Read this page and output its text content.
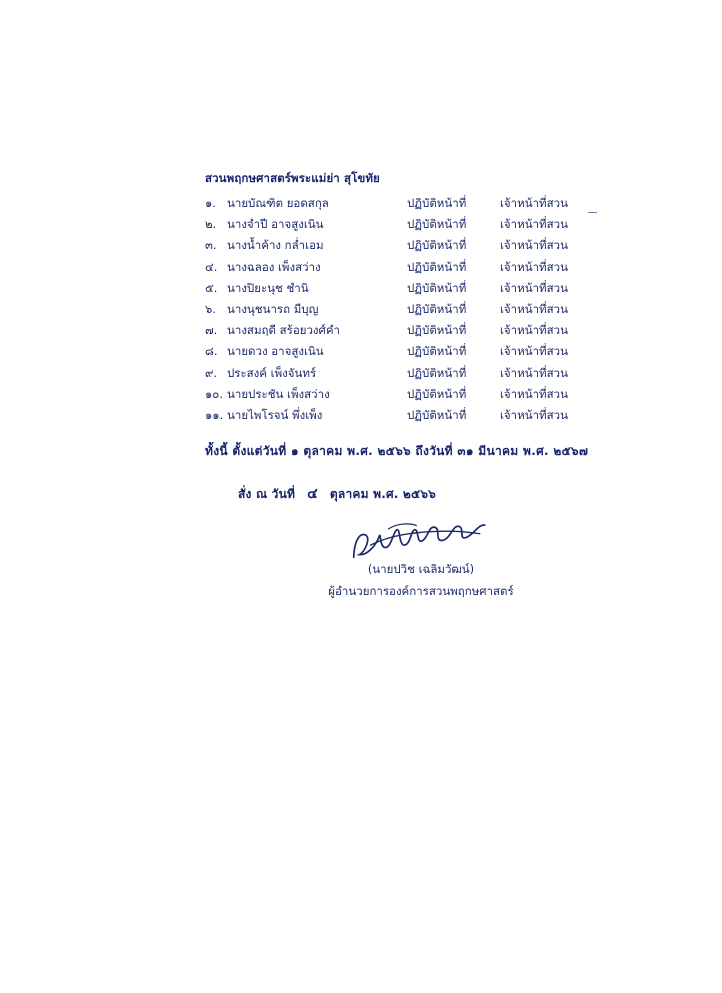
สวนพฤกษศาสตร์พระแม่ย่า สุโขทัย
๑.	นายบัณฑิต ยอดสกุล	ปฏิบัติหน้าที่	เจ้าหน้าที่สวน
๒.	นางจำปี อาจสูงเนิน	ปฏิบัติหน้าที่	เจ้าหน้าที่สวน
๓.	นางน้ำค้าง กล่ำเอม	ปฏิบัติหน้าที่	เจ้าหน้าที่สวน
๔.	นางฉลอง เพ็งสว่าง	ปฏิบัติหน้าที่	เจ้าหน้าที่สวน
๕.	นางปิยะนุช ชำนิ	ปฏิบัติหน้าที่	เจ้าหน้าที่สวน
๖.	นางนุชนารถ มีบุญ	ปฏิบัติหน้าที่	เจ้าหน้าที่สวน
๗.	นางสมฤดี สร้อยวงศ์คำ	ปฏิบัติหน้าที่	เจ้าหน้าที่สวน
๘.	นายดวง อาจสูงเนิน	ปฏิบัติหน้าที่	เจ้าหน้าที่สวน
๙.	ประสงค์ เพ็งจันทร์	ปฏิบัติหน้าที่	เจ้าหน้าที่สวน
๑๐.	นายประชัน เพ็งสว่าง	ปฏิบัติหน้าที่	เจ้าหน้าที่สวน
๑๑.	นายไพโรจน์ พึ่งเพ็ง	ปฏิบัติหน้าที่	เจ้าหน้าที่สวน
ทั้งนี้ ตั้งแต่วันที่ ๑ ตุลาคม พ.ศ. ๒๕๖๖ ถึงวันที่ ๓๑ มีนาคม พ.ศ. ๒๕๖๗
สั่ง ณ วันที่ ๔ ตุลาคม พ.ศ. ๒๕๖๖
(นายปวิช เฉลิมวัฒน์)
ผู้อำนวยการองค์การสวนพฤกษศาสตร์
